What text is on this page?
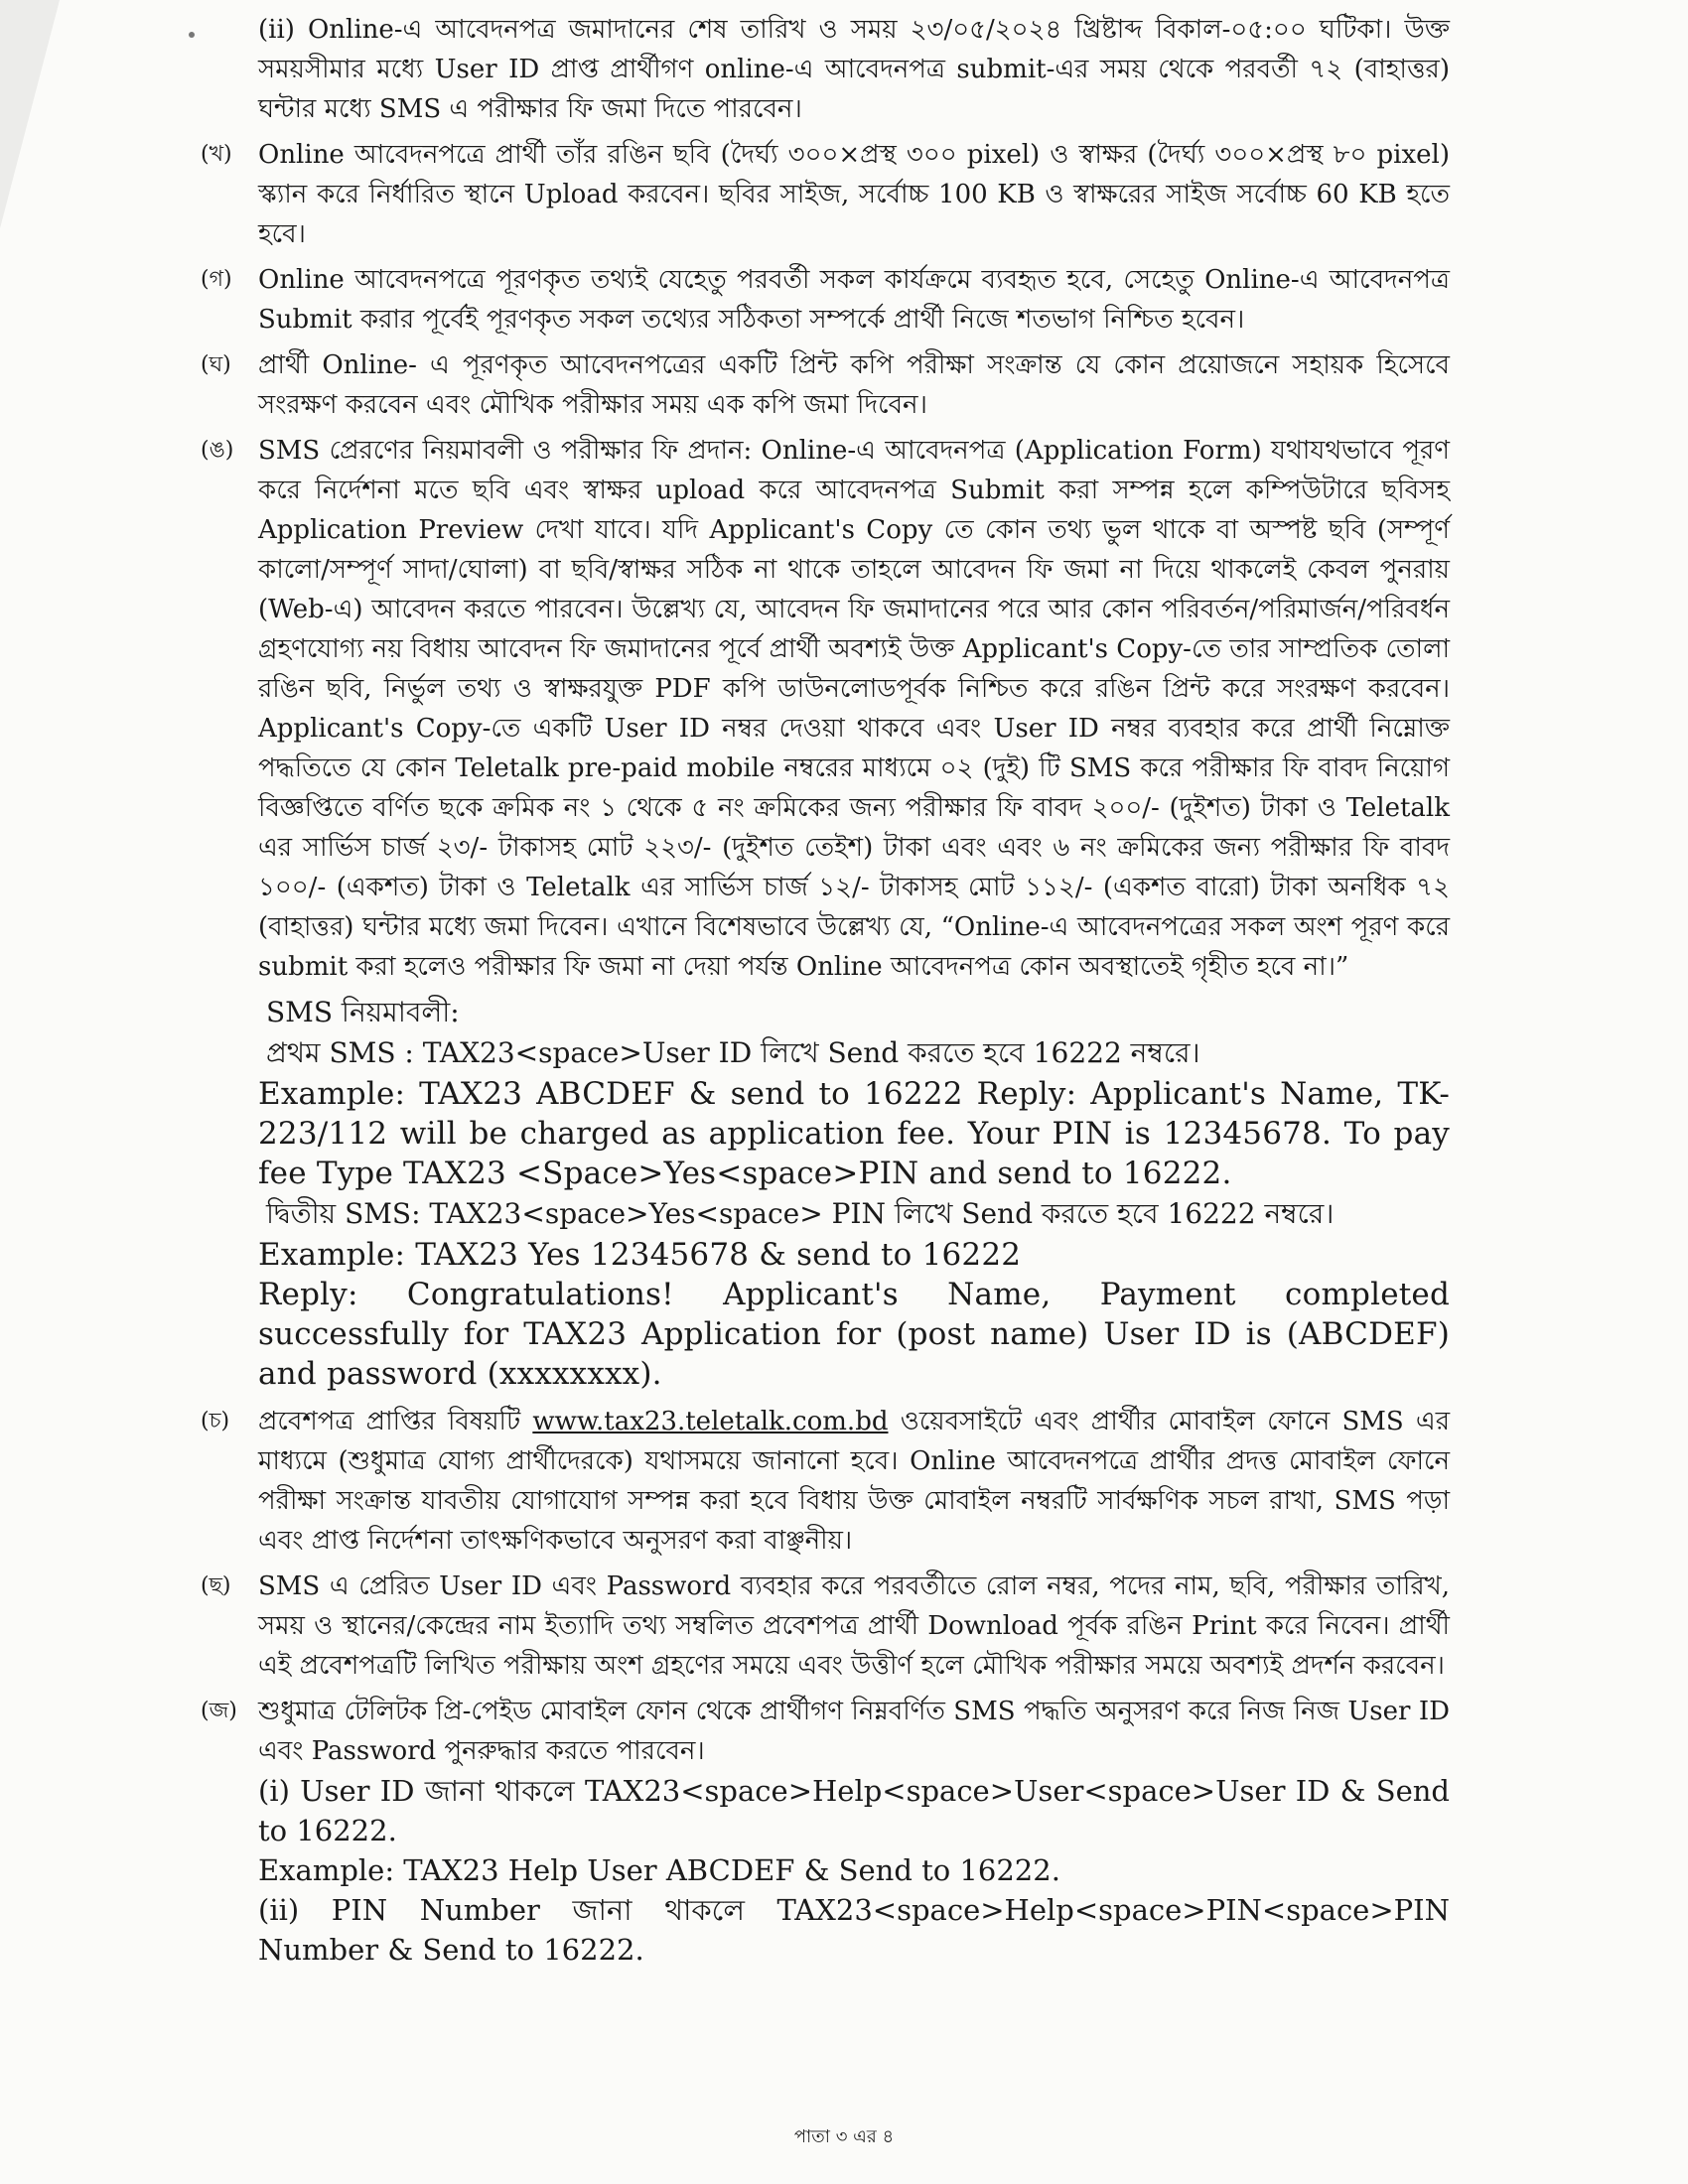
(ii) Online-এ আবেদনপত্র জমাদানের শেষ তারিখ ও সময় ২৩/০৫/২০২৪ খ্রিষ্টাব্দ বিকাল-০৫:০০ ঘটিকা। উক্ত সময়সীমার মধ্যে User ID প্রাপ্ত প্রার্থীগণ online-এ আবেদনপত্র submit-এর সময় থেকে পরবর্তী ৭২ (বাহাত্তর) ঘন্টার মধ্যে SMS এ পরীক্ষার ফি জমা দিতে পারবেন।

(খ) Online আবেদনপত্রে প্রার্থী তাঁর রঙিন ছবি (দৈর্ঘ্য ৩০০×প্রস্থ ৩০০ pixel) ও স্বাক্ষর (দৈর্ঘ্য ৩০০×প্রস্থ ৮০ pixel) স্ক্যান করে নির্ধারিত স্থানে Upload করবেন। ছবির সাইজ, সর্বোচ্চ 100 KB ও স্বাক্ষরের সাইজ সর্বোচ্চ 60 KB হতে হবে।

(গ) Online আবেদনপত্রে পূরণকৃত তথ্যই যেহেতু পরবর্তী সকল কার্যক্রমে ব্যবহৃত হবে, সেহেতু Online-এ আবেদনপত্র Submit করার পূর্বেই পূরণকৃত সকল তথ্যের সঠিকতা সম্পর্কে প্রার্থী নিজে শতভাগ নিশ্চিত হবেন।

(ঘ) প্রার্থী Online- এ পূরণকৃত আবেদনপত্রের একটি প্রিন্ট কপি পরীক্ষা সংক্রান্ত যে কোন প্রয়োজনে সহায়ক হিসেবে সংরক্ষণ করবেন এবং মৌখিক পরীক্ষার সময় এক কপি জমা দিবেন।

(ঙ) SMS প্রেরণের নিয়মাবলী ও পরীক্ষার ফি প্রদান: Online-এ আবেদনপত্র (Application Form) যথাযথভাবে পূরণ করে নির্দেশনা মতে ছবি এবং স্বাক্ষর upload করে আবেদনপত্র Submit করা সম্পন্ন হলে কম্পিউটারে ছবিসহ Application Preview দেখা যাবে। যদি Applicant's Copy তে কোন তথ্য ভুল থাকে বা অস্পষ্ট ছবি (সম্পূর্ণ কালো/সম্পূর্ণ সাদা/ঘোলা) বা ছবি/স্বাক্ষর সঠিক না থাকে তাহলে আবেদন ফি জমা না দিয়ে থাকলেই কেবল পুনরায় (Web-এ) আবেদন করতে পারবেন। উল্লেখ্য যে, আবেদন ফি জমাদানের পরে আর কোন পরিবর্তন/পরিমার্জন/পরিবর্ধন গ্রহণযোগ্য নয় বিধায় আবেদন ফি জমাদানের পূর্বে প্রার্থী অবশ্যই উক্ত Applicant's Copy-তে তার সাম্প্রতিক তোলা রঙিন ছবি, নির্ভুল তথ্য ও স্বাক্ষরযুক্ত PDF কপি ডাউনলোডপূর্বক নিশ্চিত করে রঙিন প্রিন্ট করে সংরক্ষণ করবেন। Applicant's Copy-তে একটি User ID নম্বর দেওয়া থাকবে এবং User ID নম্বর ব্যবহার করে প্রার্থী নিম্নোক্ত পদ্ধতিতে যে কোন Teletalk pre-paid mobile নম্বরের মাধ্যমে ০২ (দুই) টি SMS করে পরীক্ষার ফি বাবদ নিয়োগ বিজ্ঞপ্তিতে বর্ণিত ছকে ক্রমিক নং ১ থেকে ৫ নং ক্রমিকের জন্য পরীক্ষার ফি বাবদ ২০০/- (দুইশত) টাকা ও Teletalk এর সার্ভিস চার্জ ২৩/- টাকাসহ মোট ২২৩/- (দুইশত তেইশ) টাকা এবং এবং ৬ নং ক্রমিকের জন্য পরীক্ষার ফি বাবদ ১০০/- (একশত) টাকা ও Teletalk এর সার্ভিস চার্জ ১২/- টাকাসহ মোট ১১২/- (একশত বারো) টাকা অনধিক ৭২ (বাহাত্তর) ঘন্টার মধ্যে জমা দিবেন। এখানে বিশেষভাবে উল্লেখ্য যে, “Online-এ আবেদনপত্রের সকল অংশ পূরণ করে submit করা হলেও পরীক্ষার ফি জমা না দেয়া পর্যন্ত Online আবেদনপত্র কোন অবস্থাতেই গৃহীত হবে না।”

SMS নিয়মাবলী:

প্রথম SMS : TAX23<space>User ID লিখে Send করতে হবে 16222 নম্বরে।

Example: TAX23 ABCDEF & send to 16222 Reply: Applicant's Name, TK-223/112 will be charged as application fee. Your PIN is 12345678. To pay fee Type TAX23 <Space>Yes<space>PIN and send to 16222.

দ্বিতীয় SMS: TAX23<space>Yes<space> PIN লিখে Send করতে হবে 16222 নম্বরে।

Example: TAX23 Yes 12345678 & send to 16222

Reply: Congratulations! Applicant's Name, Payment completed successfully for TAX23 Application for (post name) User ID is (ABCDEF) and password (xxxxxxxx).

(চ) প্রবেশপত্র প্রাপ্তির বিষয়টি www.tax23.teletalk.com.bd ওয়েবসাইটে এবং প্রার্থীর মোবাইল ফোনে SMS এর মাধ্যমে (শুধুমাত্র যোগ্য প্রার্থীদেরকে) যথাসময়ে জানানো হবে। Online আবেদনপত্রে প্রার্থীর প্রদত্ত মোবাইল ফোনে পরীক্ষা সংক্রান্ত যাবতীয় যোগাযোগ সম্পন্ন করা হবে বিধায় উক্ত মোবাইল নম্বরটি সার্বক্ষণিক সচল রাখা, SMS পড়া এবং প্রাপ্ত নির্দেশনা তাৎক্ষণিকভাবে অনুসরণ করা বাঞ্ছনীয়।

(ছ) SMS এ প্রেরিত User ID এবং Password ব্যবহার করে পরবর্তীতে রোল নম্বর, পদের নাম, ছবি, পরীক্ষার তারিখ, সময় ও স্থানের/কেন্দ্রের নাম ইত্যাদি তথ্য সম্বলিত প্রবেশপত্র প্রার্থী Download পূর্বক রঙিন Print করে নিবেন। প্রার্থী এই প্রবেশপত্রটি লিখিত পরীক্ষায় অংশ গ্রহণের সময়ে এবং উত্তীর্ণ হলে মৌখিক পরীক্ষার সময়ে অবশ্যই প্রদর্শন করবেন।

(জ) শুধুমাত্র টেলিটক প্রি-পেইড মোবাইল ফোন থেকে প্রার্থীগণ নিম্নবর্ণিত SMS পদ্ধতি অনুসরণ করে নিজ নিজ User ID এবং Password পুনরুদ্ধার করতে পারবেন।

(i) User ID জানা থাকলে TAX23<space>Help<space>User<space>User ID & Send to 16222.

Example: TAX23 Help User ABCDEF & Send to 16222.

(ii) PIN Number জানা থাকলে TAX23<space>Help<space>PIN<space>PIN Number & Send to 16222.

পাতা ৩ এর ৪
